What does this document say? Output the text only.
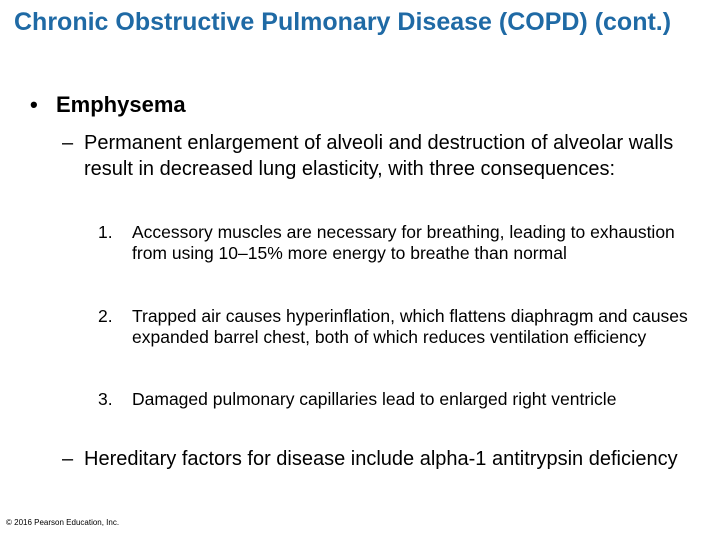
Chronic Obstructive Pulmonary Disease (COPD) (cont.)
• Emphysema
– Permanent enlargement of alveoli and destruction of alveolar walls result in decreased lung elasticity, with three consequences:
1. Accessory muscles are necessary for breathing, leading to exhaustion from using 10–15% more energy to breathe than normal
2. Trapped air causes hyperinflation, which flattens diaphragm and causes expanded barrel chest, both of which reduces ventilation efficiency
3. Damaged pulmonary capillaries lead to enlarged right ventricle
– Hereditary factors for disease include alpha-1 antitrypsin deficiency
© 2016 Pearson Education, Inc.
